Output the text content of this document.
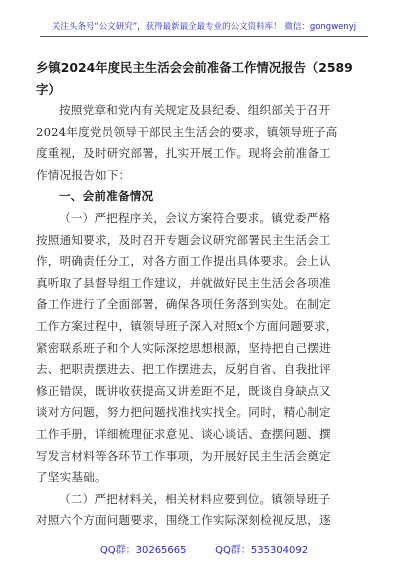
关注头条号“公文研究”，获得最新最全最专业的公文资料库！ 微信：gongwenyj
乡镇2024年度民主生活会会前准备工作情况报告（2589
字）
按照党章和党内有关规定及县纪委、组织部关于召开
2024年度党员领导干部民主生活会的要求，镇领导班子高
度重视，及时研究部署，扎实开展工作。现将会前准备工
作情况报告如下：
一、会前准备情况
（一）严把程序关，会议方案符合要求。镇党委严格
按照通知要求，及时召开专题会议研究部署民主生活会工
作，明确责任分工，对各方面工作提出具体要求。会上认
真听取了县督导组工作建议，并就做好民主生活会各项准
备工作进行了全面部署，确保各项任务落到实处。在制定
工作方案过程中，镇领导班子深入对照x个方面问题要求，
紧密联系班子和个人实际深挖思想根源，坚持把自己摆进
去、把职责摆进去、把工作摆进去，反躬自省、自我批评
修正错误，既讲收获提高又讲差距不足，既谈自身缺点又
谈对方问题，努力把问题找准找实找全。同时，精心制定
工作手册，详细梳理征求意见、谈心谈话、查摆问题、撰
写发言材料等各环节工作事项，为开展好民主生活会奠定
了坚实基础。
（二）严把材料关，相关材料应要到位。镇领导班子
对照六个方面问题要求，围绕工作实际深刻检视反思，逐
QQ群：30265665	QQ群：535304092
